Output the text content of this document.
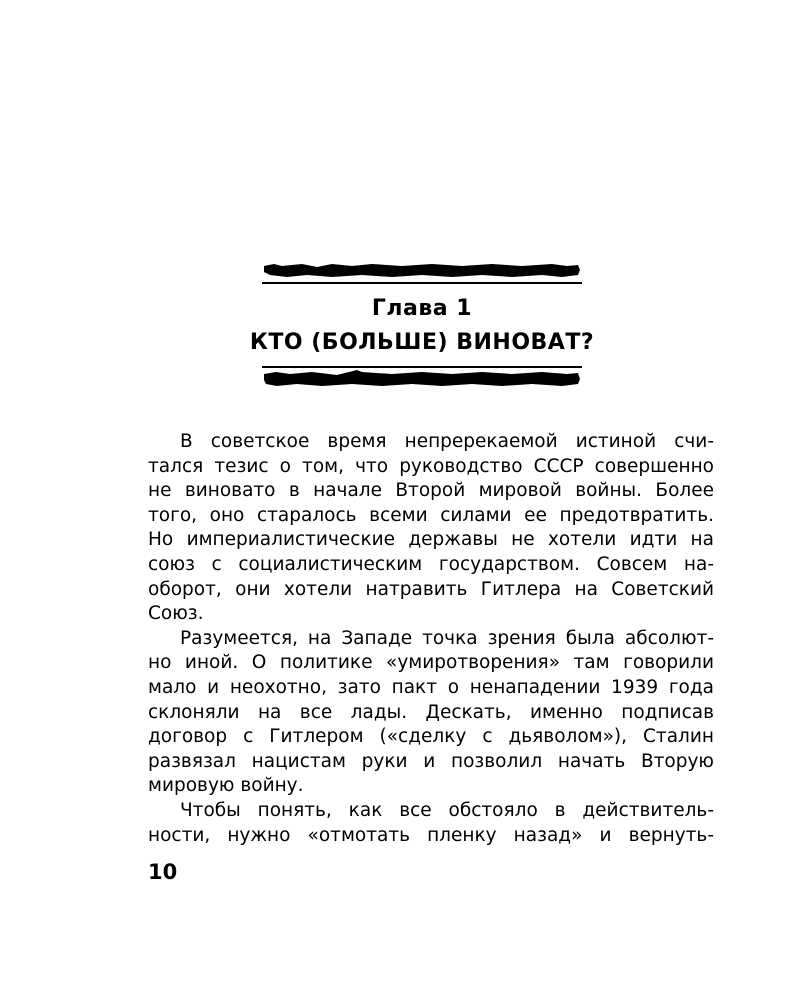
Глава 1
КТО (БОЛЬШЕ) ВИНОВАТ?
В советское время непререкаемой истиной счи-
тался тезис о том, что руководство СССР совершенно
не виновато в начале Второй мировой войны. Более
того, оно старалось всеми силами ее предотвратить.
Но империалистические державы не хотели идти на
союз с социалистическим государством. Совсем на-
оборот, они хотели натравить Гитлера на Советский
Союз.
Разумеется, на Западе точка зрения была абсолют-
но иной. О политике «умиротворения» там говорили
мало и неохотно, зато пакт о ненападении 1939 года
склоняли на все лады. Дескать, именно подписав
договор с Гитлером («сделку с дьяволом»), Сталин
развязал нацистам руки и позволил начать Вторую
мировую войну.
Чтобы понять, как все обстояло в действитель-
ности, нужно «отмотать пленку назад» и вернуть-
10
